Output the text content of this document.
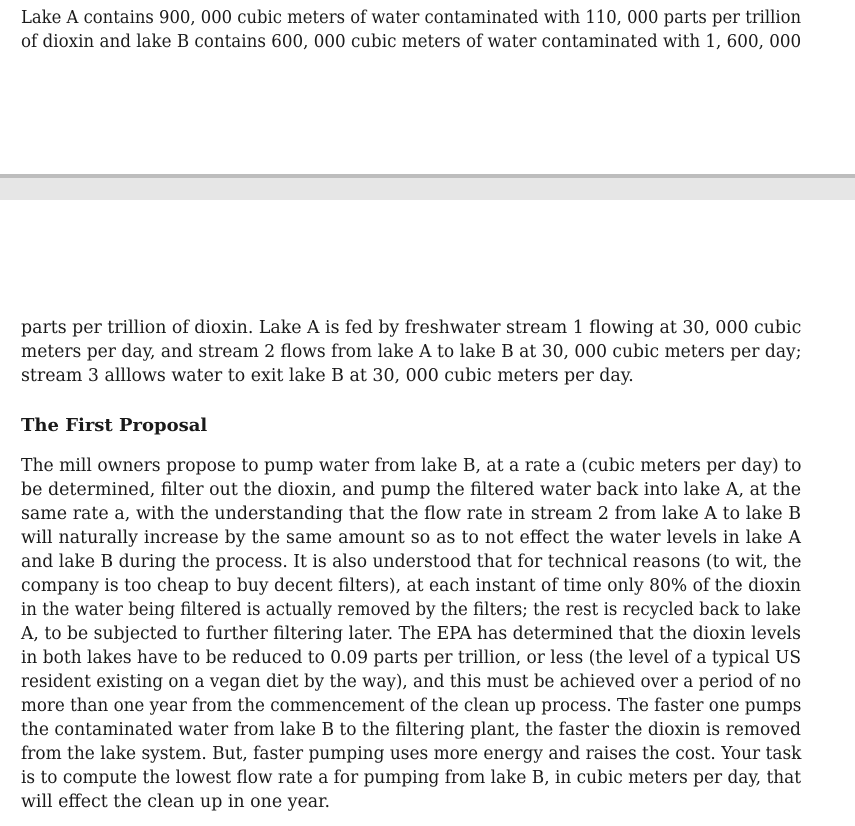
Lake A contains 900, 000 cubic meters of water contaminated with 110, 000 parts per trillion
of dioxin and lake B contains 600, 000 cubic meters of water contaminated with 1, 600, 000
parts per trillion of dioxin. Lake A is fed by freshwater stream 1 flowing at 30, 000 cubic
meters per day, and stream 2 flows from lake A to lake B at 30, 000 cubic meters per day;
stream 3 alllows water to exit lake B at 30, 000 cubic meters per day.
The First Proposal
The mill owners propose to pump water from lake B, at a rate a (cubic meters per day) to
be determined, filter out the dioxin, and pump the filtered water back into lake A, at the
same rate a, with the understanding that the flow rate in stream 2 from lake A to lake B
will naturally increase by the same amount so as to not effect the water levels in lake A
and lake B during the process. It is also understood that for technical reasons (to wit, the
company is too cheap to buy decent filters), at each instant of time only 80% of the dioxin
in the water being filtered is actually removed by the filters; the rest is recycled back to lake
A, to be subjected to further filtering later. The EPA has determined that the dioxin levels
in both lakes have to be reduced to 0.09 parts per trillion, or less (the level of a typical US
resident existing on a vegan diet by the way), and this must be achieved over a period of no
more than one year from the commencement of the clean up process. The faster one pumps
the contaminated water from lake B to the filtering plant, the faster the dioxin is removed
from the lake system. But, faster pumping uses more energy and raises the cost. Your task
is to compute the lowest flow rate a for pumping from lake B, in cubic meters per day, that
will effect the clean up in one year.
